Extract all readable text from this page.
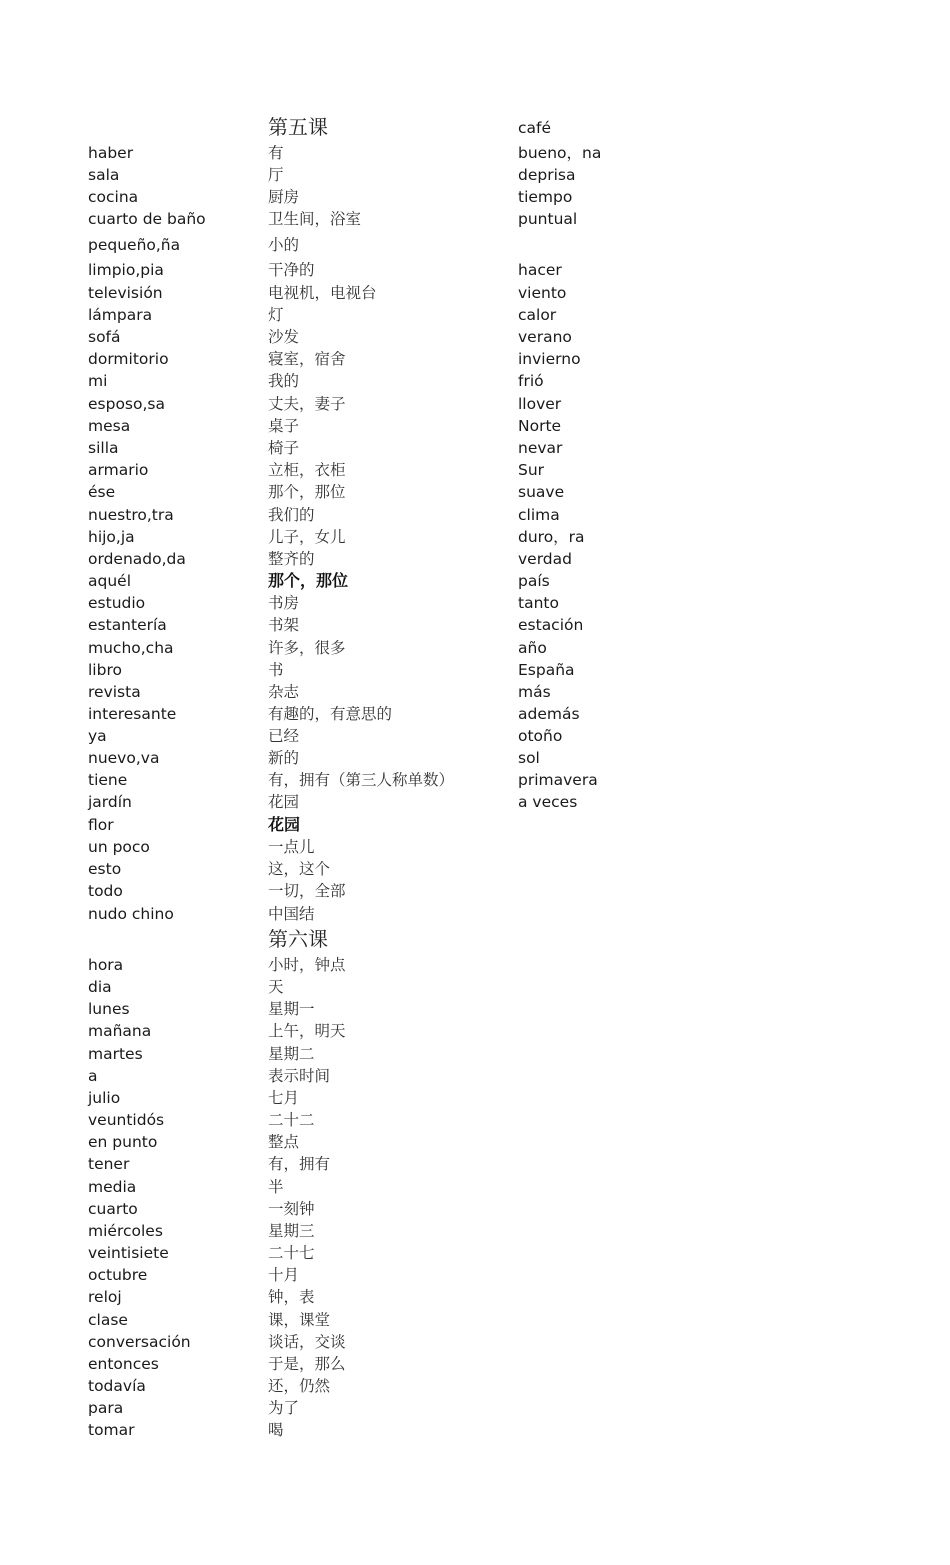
haber
sala
cocina
cuarto de baño
pequeño,ña
limpio,pia
televisión
lámpara
sofá
dormitorio
mi
esposo,sa
mesa
silla
armario
ése
nuestro,tra
hijo,ja
ordenado,da
aquél
estudio
estantería
mucho,cha
libro
revista
interesante
ya
nuevo,va
tiene
jardín
flor
un poco
esto
todo
nudo chino
hora
dia
lunes
mañana
martes
a
julio
veuntidós
en punto
tener
media
cuarto
miércoles
veintisiete
octubre
reloj
clase
conversación
entonces
todavía
para
tomar
第五课
有
厅
厨房
卫生间，浴室
小的
干净的
电视机，电视台
灯
沙发
寝室，宿舍
我的
丈夫，妻子
桌子
椅子
立柜，衣柜
那个，那位
我们的
儿子，女儿
整齐的
那个，那位
书房
书架
许多，很多
书
杂志
有趣的，有意思的
已经
新的
有，拥有（第三人称单数）
花园
花园
一点儿
这，这个
一切，全部
中国结
第六课
小时，钟点
天
星期一
上午，明天
星期二
表示时间
七月
二十二
整点
有，拥有
半
一刻钟
星期三
二十七
十月
钟，表
课，课堂
谈话，交谈
于是，那么
还，仍然
为了
喝
café
bueno，na
deprisa
tiempo
puntual
hacer
viento
calor
verano
invierno
frió
llover
Norte
nevar
Sur
suave
clima
duro，ra
verdad
país
tanto
estación
año
España
más
además
otoño
sol
primavera
a veces
